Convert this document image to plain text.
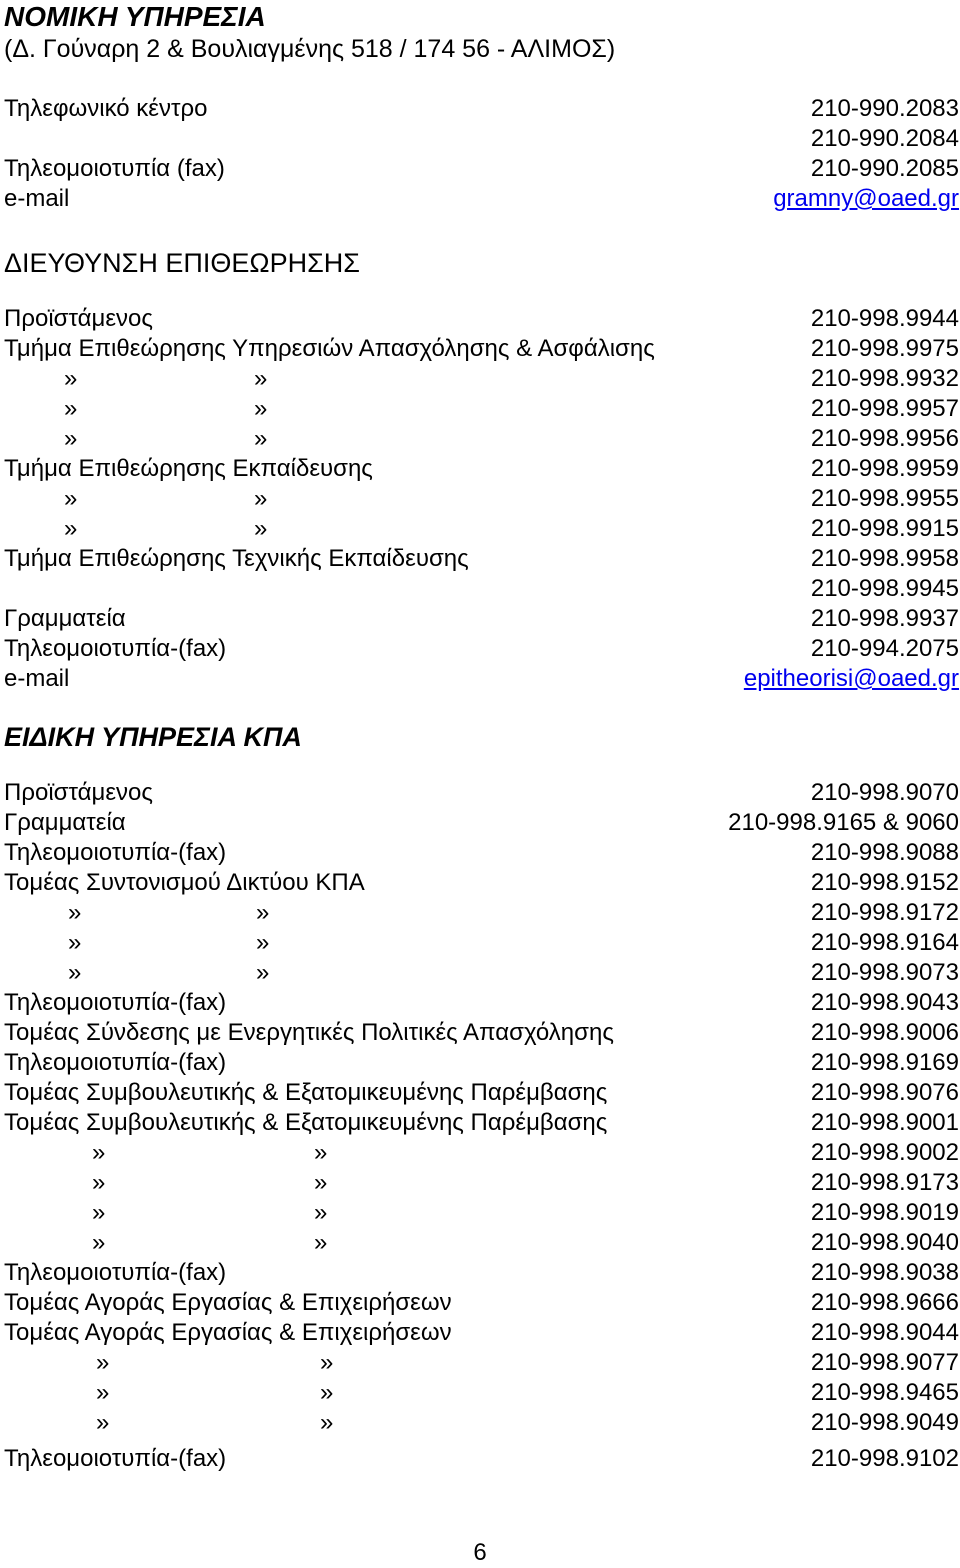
ΝΟΜΙΚΗ ΥΠΗΡΕΣΙΑ
(Δ. Γούναρη 2 & Βουλιαγμένης 518 / 174 56 - ΑΛΙΜΟΣ)
Τηλεφωνικό κέντρο	210-990.2083
210-990.2084
Τηλεομοιοτυπία (fax)	210-990.2085
e-mail	gramny@oaed.gr
ΔΙΕΥΘΥΝΣΗ ΕΠΙΘΕΩΡΗΣΗΣ
Προϊστάμενος	210-998.9944
Τμήμα Επιθεώρησης Υπηρεσιών Απασχόλησης & Ασφάλισης	210-998.9975
»	»	210-998.9932
»	»	210-998.9957
»	»	210-998.9956
Τμήμα Επιθεώρησης Εκπαίδευσης	210-998.9959
»	»	210-998.9955
»	»	210-998.9915
Τμήμα Επιθεώρησης Τεχνικής Εκπαίδευσης	210-998.9958
210-998.9945
Γραμματεία	210-998.9937
Τηλεομοιοτυπία-(fax)	210-994.2075
e-mail	epitheorisi@oaed.gr
ΕΙΔΙΚΗ ΥΠΗΡΕΣΙΑ ΚΠΑ
Προϊστάμενος	210-998.9070
Γραμματεία	210-998.9165 & 9060
Τηλεομοιοτυπία-(fax)	210-998.9088
Τομέας Συντονισμού Δικτύου ΚΠΑ	210-998.9152
»	»	210-998.9172
»	»	210-998.9164
»	»	210-998.9073
Τηλεομοιοτυπία-(fax)	210-998.9043
Τομέας Σύνδεσης με Ενεργητικές Πολιτικές Απασχόλησης	210-998.9006
Τηλεομοιοτυπία-(fax)	210-998.9169
Τομέας Συμβουλευτικής & Εξατομικευμένης Παρέμβασης	210-998.9076
Τομέας Συμβουλευτικής & Εξατομικευμένης Παρέμβασης	210-998.9001
»	»	210-998.9002
»	»	210-998.9173
»	»	210-998.9019
»	»	210-998.9040
Τηλεομοιοτυπία-(fax)	210-998.9038
Τομέας Αγοράς Εργασίας & Επιχειρήσεων	210-998.9666
Τομέας Αγοράς Εργασίας & Επιχειρήσεων	210-998.9044
»	»	210-998.9077
»	»	210-998.9465
»	»	210-998.9049
Τηλεομοιοτυπία-(fax)	210-998.9102
6
